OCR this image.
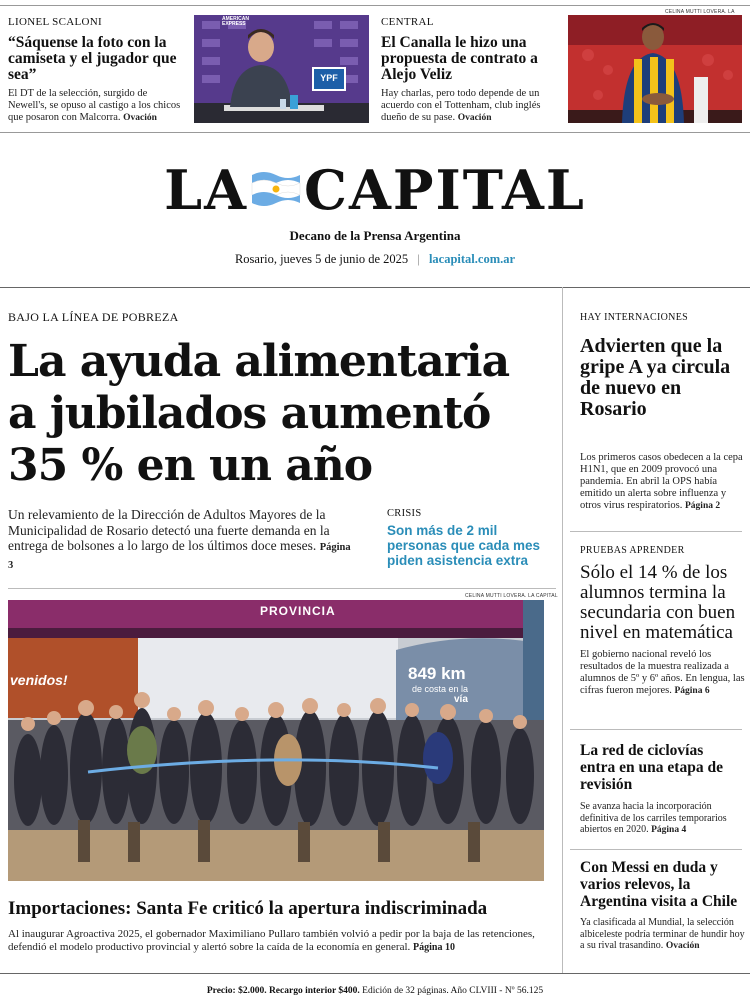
LIONEL SCALONI
“Sáquense la foto con la camiseta y el jugador que sea”
El DT de la selección, surgido de Newell's, se opuso al castigo a los chicos que posaron con Malcorra. Ovación
YPF
AMERICAN EXPRESS	CENTRAL
El Canalla le hizo una propuesta de contrato a Alejo Veliz
Hay charlas, pero todo depende de un acuerdo con el Tottenham, club inglés dueño de su pase. Ovación
CELINA MUTTI LOVERA. LA
LA CAPITAL
Decano de la Prensa Argentina
Rosario, jueves 5 de junio de 2025 | lacapital.com.ar
BAJO LA LÍNEA DE POBREZA
La ayuda alimentaria
a jubilados aumentó
35 % en un año
Un relevamiento de la Dirección de Adultos Mayores de la Municipalidad de Rosario detectó una fuerte demanda en la entrega de bolsones a lo largo de los últimos doce meses. Página 3
CRISIS
Son más de 2 mil personas que cada mes piden asistencia extra
CELINA MUTTI LOVERA. LA CAPITAL
PROVINCIA
venidos!	849 km
de costa en la
vía
Importaciones: Santa Fe criticó la apertura indiscriminada
Al inaugurar Agroactiva 2025, el gobernador Maximiliano Pullaro también volvió a pedir por la baja de las retenciones, defendió el modelo productivo provincial y alertó sobre la caída de la economía en general. Página 10
HAY INTERNACIONES
Advierten que la gripe A ya circula de nuevo en Rosario
Los primeros casos obedecen a la cepa H1N1, que en 2009 provocó una pandemia. En abril la OPS había emitido un alerta sobre influenza y otros virus respiratorios. Página 2
PRUEBAS APRENDER
Sólo el 14 % de los alumnos termina la secundaria con buen nivel en matemática
El gobierno nacional reveló los resultados de la muestra realizada a alumnos de 5º y 6º años. En lengua, las cifras fueron mejores. Página 6
La red de ciclovías entra en una etapa de revisión
Se avanza hacia la incorporación definitiva de los carriles temporarios abiertos en 2020. Página 4
Con Messi en duda y varios relevos, la Argentina visita a Chile
Ya clasificada al Mundial, la selección albiceleste podría terminar de hundir hoy a su rival trasandino. Ovación
Precio: $2.000. Recargo interior $400. Edición de 32 páginas. Año CLVIII - Nº 56.125
